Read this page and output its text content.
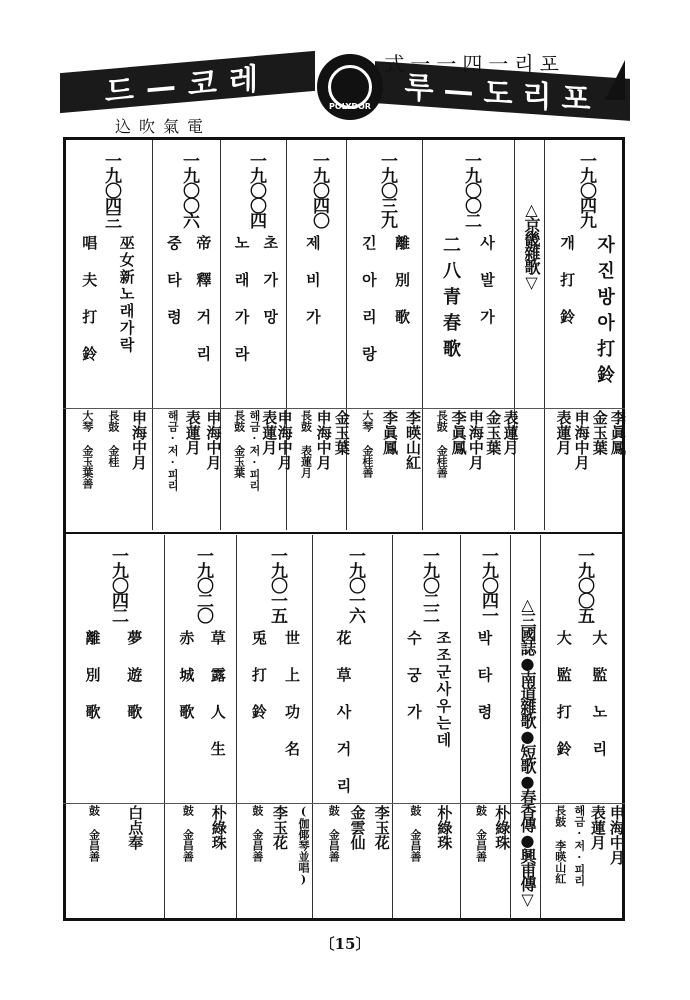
드—코레	루—도리포
式一一四一리포
込吹氣電
POLYDOR
一九〇四九
자진방아打鈴
개 打 鈴
李眞鳳
金玉葉
申海中月
表蓮月
△京畿雜歌▽
一九〇〇二
사 발 가
二八青春歌
表蓮月
金玉葉
申海中月
李眞鳳
長鼓 金桂善
一九〇三九
離 別 歌
긴 아 리 랑
李暎山紅
李眞鳳
大琴 金桂善
一九〇四〇
제 비 가
金玉葉
申海中月
長鼓 表蓮月
一九〇〇四
초 가 망
노 래 가 라
申海中月
表蓮月
해금·저·피리
長鼓 金玉葉
一九〇〇六
帝 釋 거 리
중 타 령
申海中月
表蓮月
해금·저·피리
一九〇四三
巫女新노래가락
唱 夫 打 鈴
申海中月
長鼓 金桂
大琴 金玉葉善
一九〇〇五
大 監 노 리
大 監 打 鈴
申海中月
表蓮月
해금·저·피리
長鼓 李暎山紅
△三國誌●南道雜歌●短歌●春香傳●興甫傳▽
一九〇四一
박 타 령
朴綠珠
鼓 金昌善
一九〇二二
조조군사우는데
수 궁 가
朴綠珠
鼓 金昌善
一九〇一六
花 草 사 거 리
李玉花
金雲仙
鼓 金昌善
一九〇一五
世 上 功 名
兎 打 鈴
(伽倻琴並唱)
李玉花
鼓 金昌善
一九〇二〇
草 露 人 生
赤 城 歌
朴綠珠
鼓 金昌善
一九〇四二
夢 遊 歌
離 別 歌
白点奉
鼓 金昌善
〔15〕
